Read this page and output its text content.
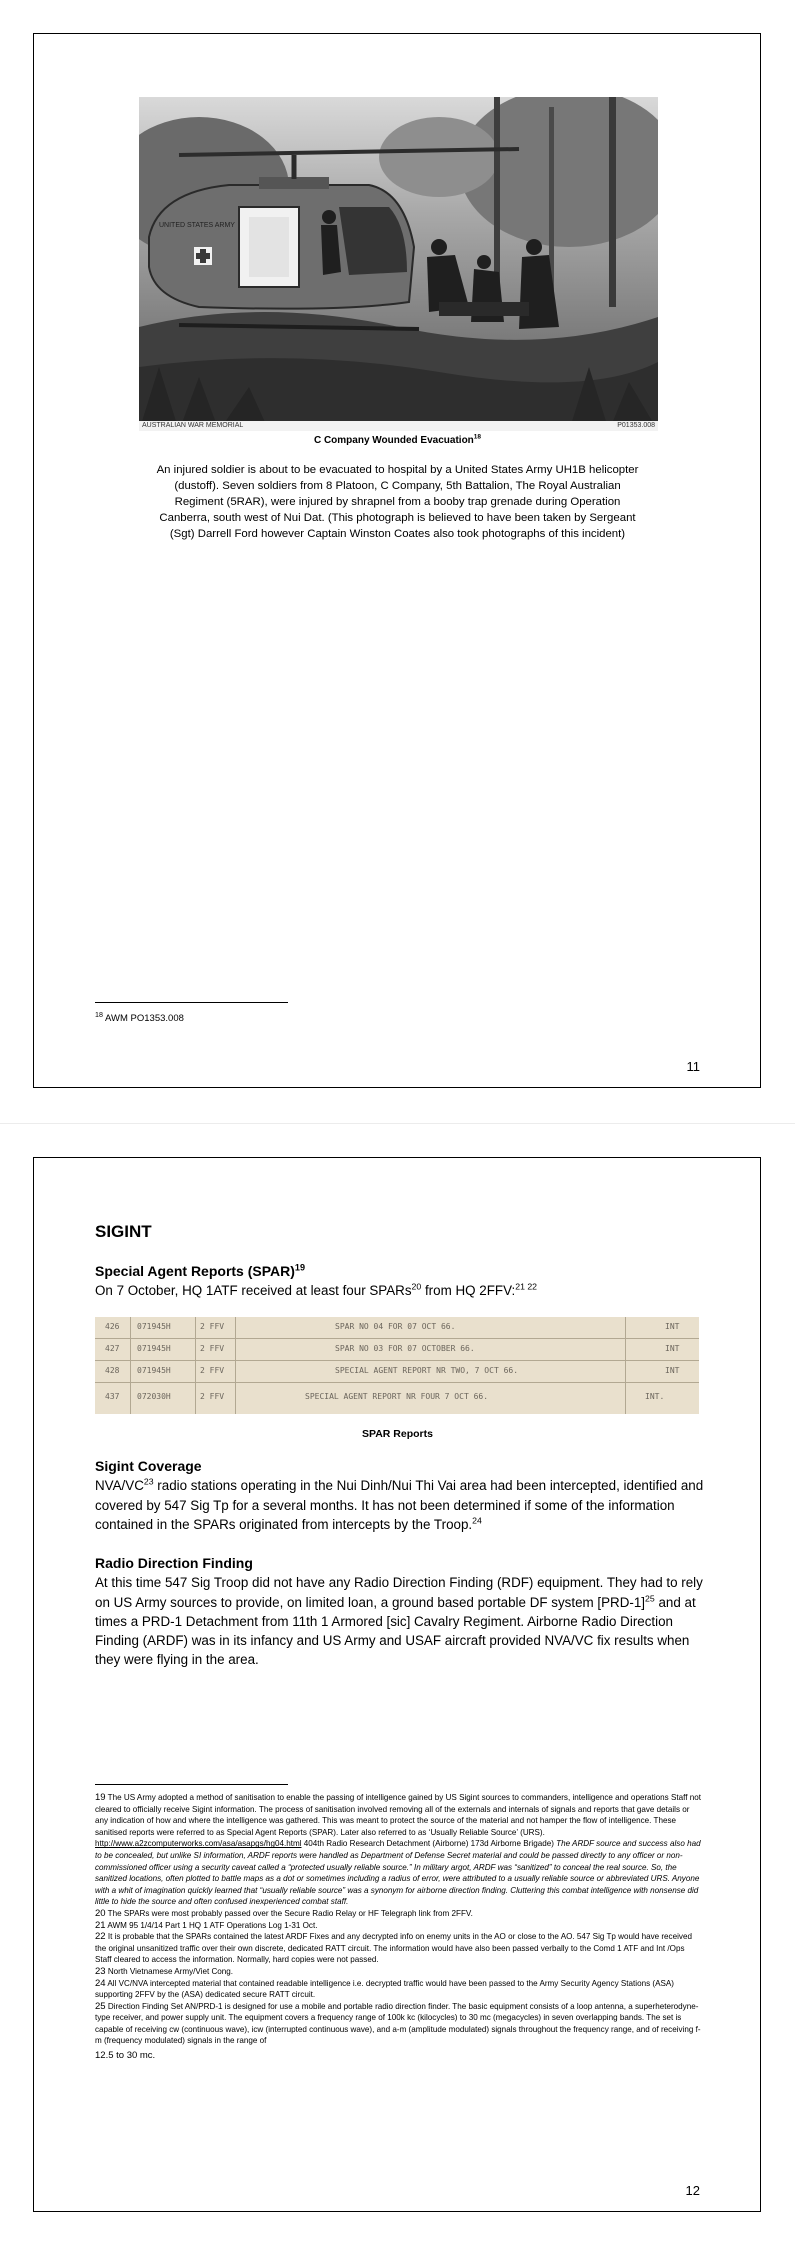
UNITED STATES ARMY
AUSTRALIAN WAR MEMORIAL	P01353.008
C Company Wounded Evacuation$^{18}$
An injured soldier is about to be evacuated to hospital by a United States Army UH1B helicopter
(dustoff). Seven soldiers from 8 Platoon, C Company, 5th Battalion, The Royal Australian
Regiment (5RAR), were injured by shrapnel from a booby trap grenade during Operation
Canberra, south west of Nui Dat. (This photograph is believed to have been taken by Sergeant
(Sgt) Darrell Ford however Captain Winston Coates also took photographs of this incident)
$^{18}$ AWM PO1353.008
11
SIGINT
Special Agent Reports (SPAR)$^{19}$
On 7 October, HQ 1ATF received at least four SPARs$^{20}$ from HQ 2FFV:$^{21 22}$
426 071945H	2 FFV	SPAR NO 04 FOR 07 OCT 66.	INT
427 071945H	2 FFV	SPAR NO 03 FOR 07 OCTOBER 66.	INT
428 071945H	2 FFV	SPECIAL AGENT REPORT NR TWO, 7 OCT 66.	INT
437 072030H	2 FFV	SPECIAL AGENT REPORT NR FOUR 7 OCT 66.	INT.
SPAR Reports
Sigint Coverage
NVA/VC$^{23}$ radio stations operating in the Nui Dinh/Nui Thi Vai area had been intercepted, identified and covered by 547 Sig Tp for a several months. It has not been determined if some of the information contained in the SPARs originated from intercepts by the Troop.$^{24}$
Radio Direction Finding
At this time 547 Sig Troop did not have any Radio Direction Finding (RDF) equipment. They had to rely on US Army sources to provide, on limited loan, a ground based portable DF system $[PRD-1]^{25}$ and at times a PRD-1 Detachment from 11th 1 Armored [sic] Cavalry Regiment. Airborne Radio Direction Finding (ARDF) was in its infancy and US Army and USAF aircraft provided NVA/VC fix results when they were flying in the area.

19 The US Army adopted a method of sanitisation to enable the passing of intelligence gained by US Sigint sources to commanders, intelligence and operations Staff not cleared to officially receive Sigint information. The process of sanitisation involved removing all of the externals and internals of signals and reports that gave details or any indication of how and where the intelligence was gathered. This was meant to protect the source of the material and not hamper the flow of intelligence. These sanitised reports were referred to as Special Agent Reports (SPAR). Later also referred to as ‘Usually Reliable Source’ (URS). http://www.a2zcomputerworks.com/asa/asapgs/hg04.html 404th Radio Research Detachment (Airborne) 173d Airborne Brigade) The ARDF source and success also had to be concealed, but unlike SI information, ARDF reports were handled as Department of Defense Secret material and could be passed directly to any officer or non-commissioned officer using a security caveat called a “protected usually reliable source.” In military argot, ARDF was “sanitized” to conceal the real source. So, the sanitized locations, often plotted to battle maps as a dot or sometimes including a radius of error, were attributed to a usually reliable source or abbreviated URS. Anyone with a whit of imagination quickly learned that “usually reliable source” was a synonym for airborne direction finding. Cluttering this combat intelligence with nonsense did little to hide the source and often confused inexperienced combat staff.

20 The SPARs were most probably passed over the Secure Radio Relay or HF Telegraph link from 2FFV.

21 AWM 95 1/4/14 Part 1 HQ 1 ATF Operations Log 1-31 Oct.

22 It is probable that the SPARs contained the latest ARDF Fixes and any decrypted info on enemy units in the AO or close to the AO. 547 Sig Tp would have received the original unsanitized traffic over their own discrete, dedicated RATT circuit. The information would have also been passed verbally to the Comd 1 ATF and Int /Ops Staff cleared to access the information. Normally, hard copies were not passed.

23 North Vietnamese Army/Viet Cong.

24 All VC/NVA intercepted material that contained readable intelligence i.e. decrypted traffic would have been passed to the Army Security Agency Stations (ASA) supporting 2FFV by the (ASA) dedicated secure RATT circuit.

25 Direction Finding Set AN/PRD-1 is designed for use a mobile and portable radio direction finder. The basic equipment consists of a loop antenna, a superheterodyne-type receiver, and power supply unit. The equipment covers a frequency range of 100k kc (kilocycles) to 30 mc (megacycles) in seven overlapping bands. The set is capable of receiving cw (continuous wave), icw (interrupted continuous wave), and a-m (amplitude modulated) signals throughout the frequency range, and of receiving f-m (frequency modulated) signals in the range of

12.5 to 30 mc.

12
